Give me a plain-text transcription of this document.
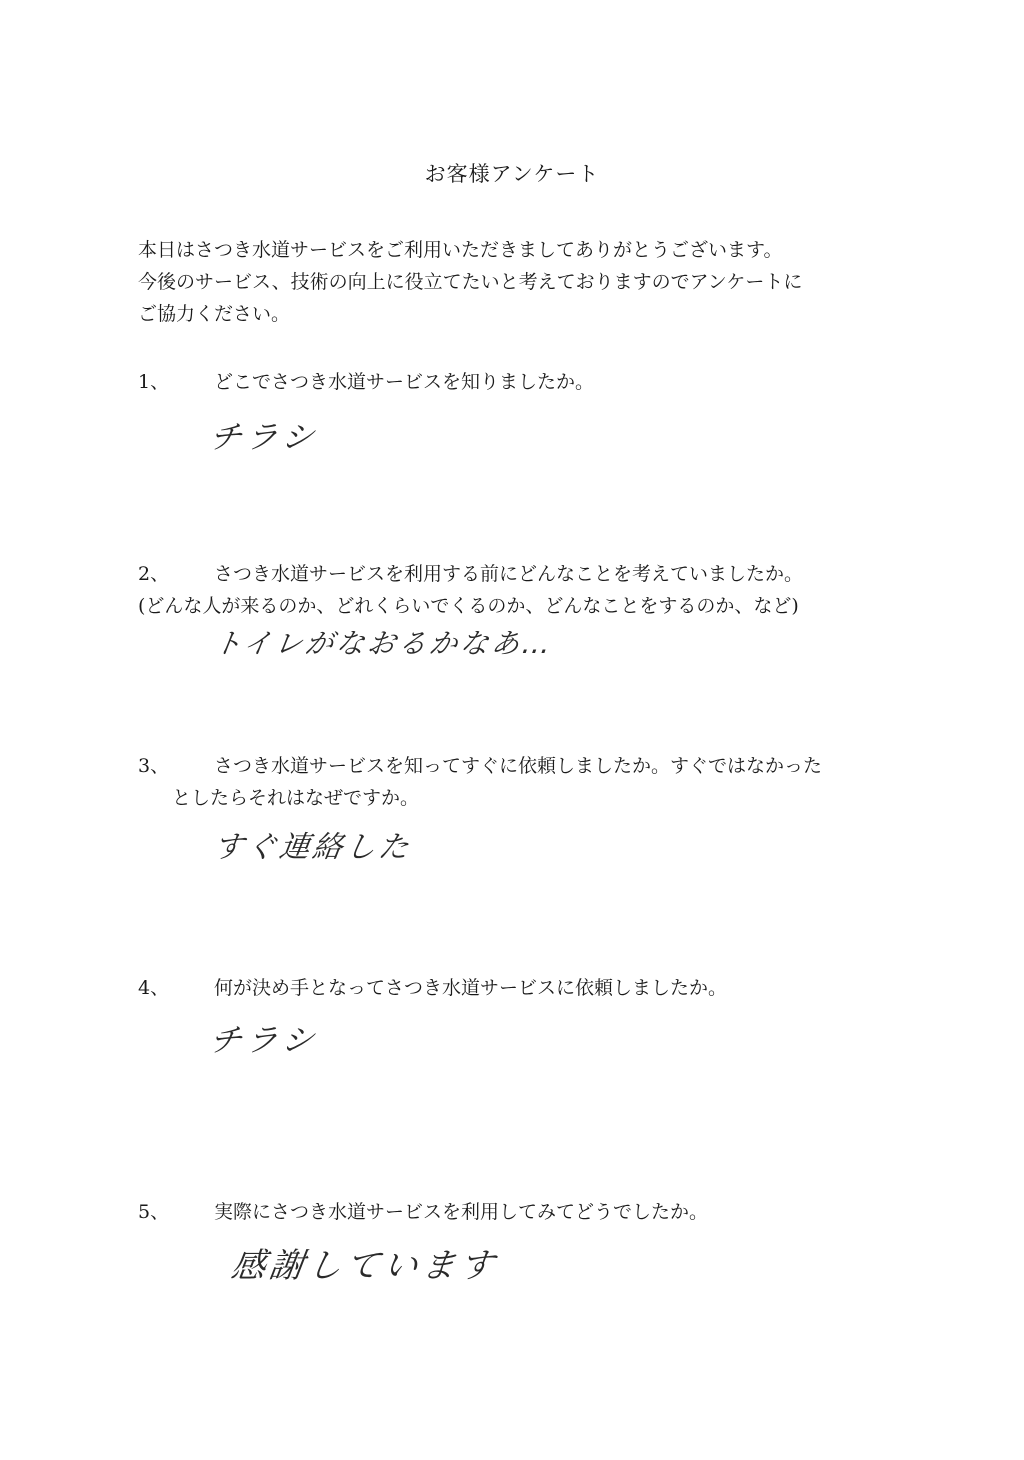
お客様アンケート
本日はさつき水道サービスをご利用いただきましてありがとうございます。
今後のサービス、技術の向上に役立てたいと考えておりますのでアンケートに
ご協力ください。
1、 どこでさつき水道サービスを知りましたか。
チラシ
2、 さつき水道サービスを利用する前にどんなことを考えていましたか。
(どんな人が来るのか、どれくらいでくるのか、どんなことをするのか、など)
トイレがなおるかなあ…
3、 さつき水道サービスを知ってすぐに依頼しましたか。すぐではなかった
としたらそれはなぜですか。
すぐ連絡した
4、 何が決め手となってさつき水道サービスに依頼しましたか。
チラシ
5、 実際にさつき水道サービスを利用してみてどうでしたか。
感謝しています
